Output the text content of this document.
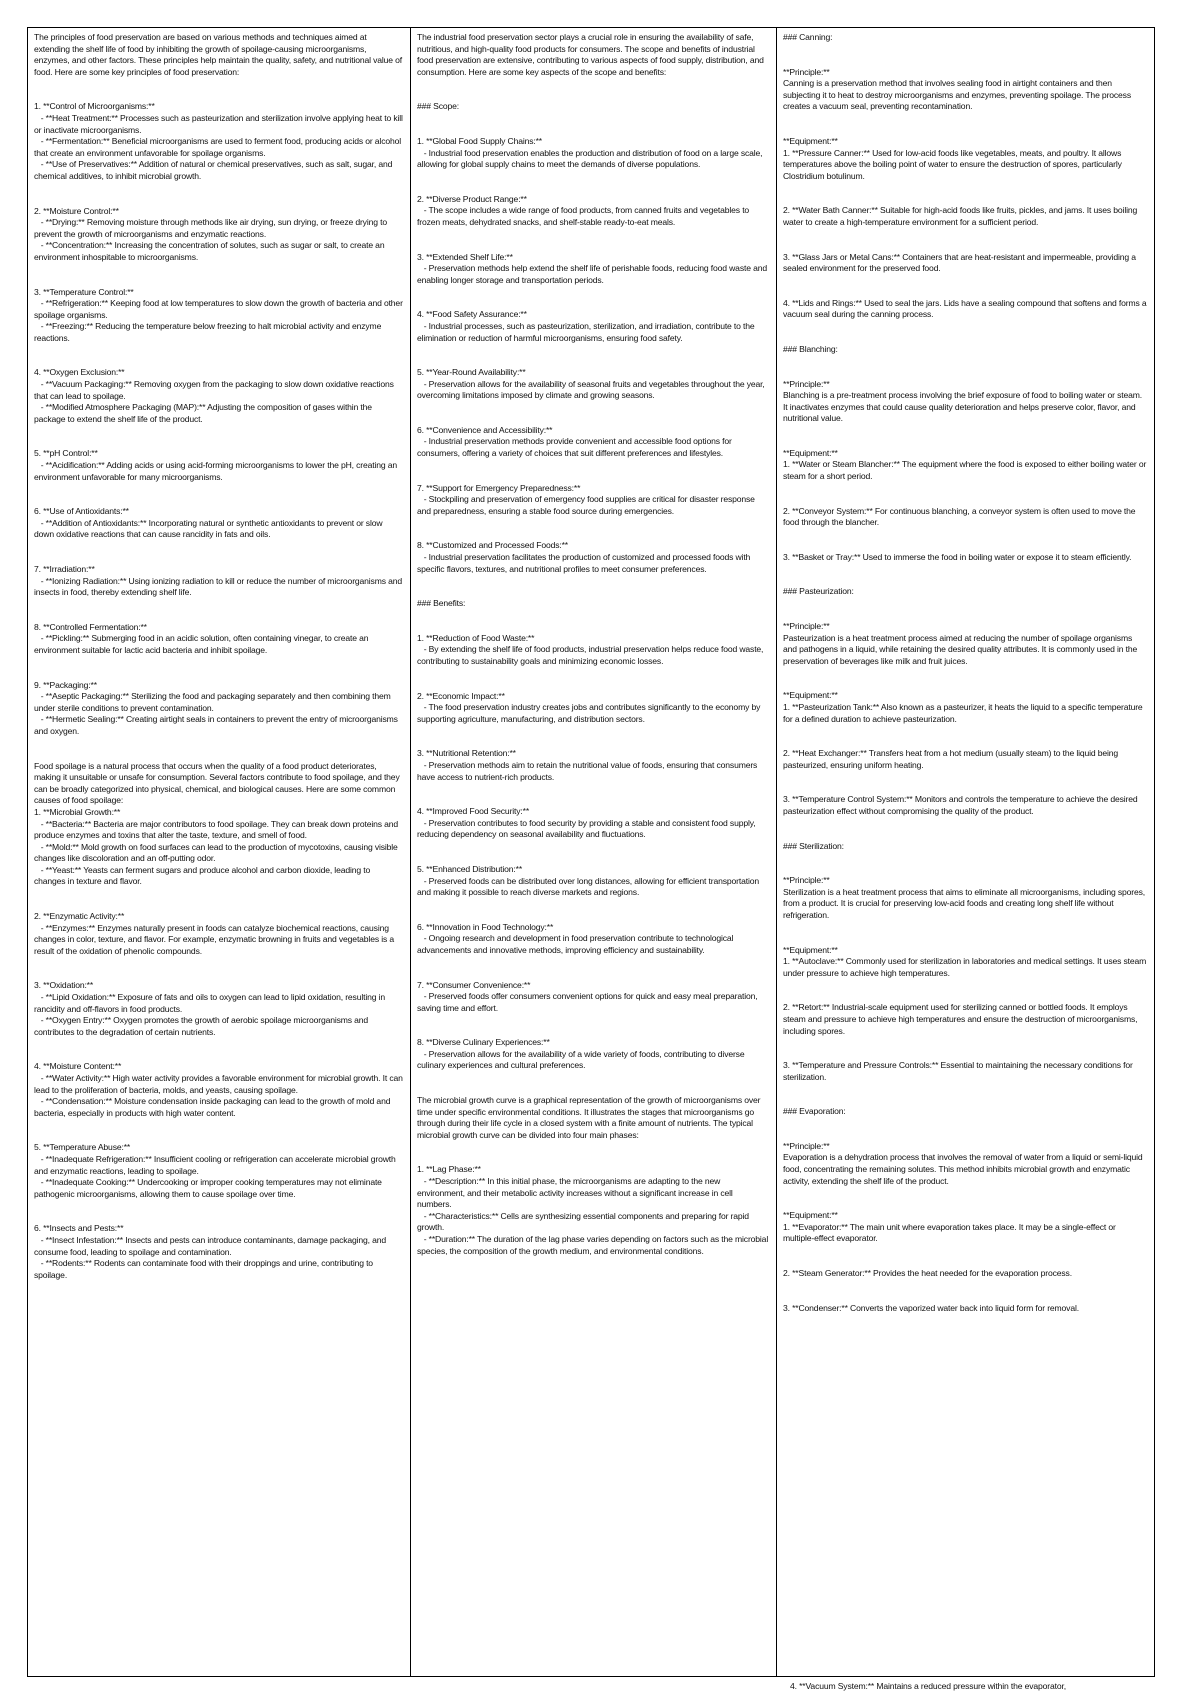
The principles of food preservation are based on various methods and techniques aimed at extending the shelf life of food by inhibiting the growth of spoilage-causing microorganisms, enzymes, and other factors. These principles help maintain the quality, safety, and nutritional value of food. Here are some key principles of food preservation:

1. **Control of Microorganisms:**
- **Heat Treatment:** Processes such as pasteurization and sterilization involve applying heat to kill or inactivate microorganisms.
- **Fermentation:** Beneficial microorganisms are used to ferment food, producing acids or alcohol that create an environment unfavorable for spoilage organisms.
- **Use of Preservatives:** Addition of natural or chemical preservatives, such as salt, sugar, and chemical additives, to inhibit microbial growth.

2. **Moisture Control:**
- **Drying:** Removing moisture through methods like air drying, sun drying, or freeze drying to prevent the growth of microorganisms and enzymatic reactions.
- **Concentration:** Increasing the concentration of solutes, such as sugar or salt, to create an environment inhospitable to microorganisms.

3. **Temperature Control:**
- **Refrigeration:** Keeping food at low temperatures to slow down the growth of bacteria and other spoilage organisms.
- **Freezing:** Reducing the temperature below freezing to halt microbial activity and enzyme reactions.

4. **Oxygen Exclusion:**
- **Vacuum Packaging:** Removing oxygen from the packaging to slow down oxidative reactions that can lead to spoilage.
- **Modified Atmosphere Packaging (MAP):** Adjusting the composition of gases within the package to extend the shelf life of the product.

5. **pH Control:**
- **Acidification:** Adding acids or using acid-forming microorganisms to lower the pH, creating an environment unfavorable for many microorganisms.

6. **Use of Antioxidants:**
- **Addition of Antioxidants:** Incorporating natural or synthetic antioxidants to prevent or slow down oxidative reactions that can cause rancidity in fats and oils.

7. **Irradiation:**
- **Ionizing Radiation:** Using ionizing radiation to kill or reduce the number of microorganisms and insects in food, thereby extending shelf life.

8. **Controlled Fermentation:**
- **Pickling:** Submerging food in an acidic solution, often containing vinegar, to create an environment suitable for lactic acid bacteria and inhibit spoilage.

9. **Packaging:**
- **Aseptic Packaging:** Sterilizing the food and packaging separately and then combining them under sterile conditions to prevent contamination.
- **Hermetic Sealing:** Creating airtight seals in containers to prevent the entry of microorganisms and oxygen.

Food spoilage is a natural process that occurs when the quality of a food product deteriorates, making it unsuitable or unsafe for consumption. Several factors contribute to food spoilage, and they can be broadly categorized into physical, chemical, and biological causes. Here are some common causes of food spoilage:
1. **Microbial Growth:**
- **Bacteria:** Bacteria are major contributors to food spoilage. They can break down proteins and produce enzymes and toxins that alter the taste, texture, and smell of food.
- **Mold:** Mold growth on food surfaces can lead to the production of mycotoxins, causing visible changes like discoloration and an off-putting odor.
- **Yeast:** Yeasts can ferment sugars and produce alcohol and carbon dioxide, leading to changes in texture and flavor.

2. **Enzymatic Activity:**
- **Enzymes:** Enzymes naturally present in foods can catalyze biochemical reactions, causing changes in color, texture, and flavor. For example, enzymatic browning in fruits and vegetables is a result of the oxidation of phenolic compounds.

3. **Oxidation:**
- **Lipid Oxidation:** Exposure of fats and oils to oxygen can lead to lipid oxidation, resulting in rancidity and off-flavors in food products.
- **Oxygen Entry:** Oxygen promotes the growth of aerobic spoilage microorganisms and contributes to the degradation of certain nutrients.

4. **Moisture Content:**
- **Water Activity:** High water activity provides a favorable environment for microbial growth. It can lead to the proliferation of bacteria, molds, and yeasts, causing spoilage.
- **Condensation:** Moisture condensation inside packaging can lead to the growth of mold and bacteria, especially in products with high water content.

5. **Temperature Abuse:**
- **Inadequate Refrigeration:** Insufficient cooling or refrigeration can accelerate microbial growth and enzymatic reactions, leading to spoilage.
- **Inadequate Cooking:** Undercooking or improper cooking temperatures may not eliminate pathogenic microorganisms, allowing them to cause spoilage over time.

6. **Insects and Pests:**
- **Insect Infestation:** Insects and pests can introduce contaminants, damage packaging, and consume food, leading to spoilage and contamination.
- **Rodents:** Rodents can contaminate food with their droppings and urine, contributing to spoilage.

The industrial food preservation sector plays a crucial role in ensuring the availability of safe, nutritious, and high-quality food products for consumers. The scope and benefits of industrial food preservation are extensive, contributing to various aspects of food supply, distribution, and consumption. Here are some key aspects of the scope and benefits:

### Scope:

1. **Global Food Supply Chains:**
- Industrial food preservation enables the production and distribution of food on a large scale, allowing for global supply chains to meet the demands of diverse populations.

2. **Diverse Product Range:**
- The scope includes a wide range of food products, from canned fruits and vegetables to frozen meats, dehydrated snacks, and shelf-stable ready-to-eat meals.

3. **Extended Shelf Life:**
- Preservation methods help extend the shelf life of perishable foods, reducing food waste and enabling longer storage and transportation periods.

4. **Food Safety Assurance:**
- Industrial processes, such as pasteurization, sterilization, and irradiation, contribute to the elimination or reduction of harmful microorganisms, ensuring food safety.

5. **Year-Round Availability:**
- Preservation allows for the availability of seasonal fruits and vegetables throughout the year, overcoming limitations imposed by climate and growing seasons.

6. **Convenience and Accessibility:**
- Industrial preservation methods provide convenient and accessible food options for consumers, offering a variety of choices that suit different preferences and lifestyles.

7. **Support for Emergency Preparedness:**
- Stockpiling and preservation of emergency food supplies are critical for disaster response and preparedness, ensuring a stable food source during emergencies.

8. **Customized and Processed Foods:**
- Industrial preservation facilitates the production of customized and processed foods with specific flavors, textures, and nutritional profiles to meet consumer preferences.

### Benefits:

1. **Reduction of Food Waste:**
- By extending the shelf life of food products, industrial preservation helps reduce food waste, contributing to sustainability goals and minimizing economic losses.

2. **Economic Impact:**
- The food preservation industry creates jobs and contributes significantly to the economy by supporting agriculture, manufacturing, and distribution sectors.

3. **Nutritional Retention:**
- Preservation methods aim to retain the nutritional value of foods, ensuring that consumers have access to nutrient-rich products.

4. **Improved Food Security:**
- Preservation contributes to food security by providing a stable and consistent food supply, reducing dependency on seasonal availability and fluctuations.

5. **Enhanced Distribution:**
- Preserved foods can be distributed over long distances, allowing for efficient transportation and making it possible to reach diverse markets and regions.

6. **Innovation in Food Technology:**
- Ongoing research and development in food preservation contribute to technological advancements and innovative methods, improving efficiency and sustainability.

7. **Consumer Convenience:**
- Preserved foods offer consumers convenient options for quick and easy meal preparation, saving time and effort.

8. **Diverse Culinary Experiences:**
- Preservation allows for the availability of a wide variety of foods, contributing to diverse culinary experiences and cultural preferences.

The microbial growth curve is a graphical representation of the growth of microorganisms over time under specific environmental conditions. It illustrates the stages that microorganisms go through during their life cycle in a closed system with a finite amount of nutrients. The typical microbial growth curve can be divided into four main phases:

1. **Lag Phase:**
- **Description:** In this initial phase, the microorganisms are adapting to the new environment, and their metabolic activity increases without a significant increase in cell numbers.
- **Characteristics:** Cells are synthesizing essential components and preparing for rapid growth.
- **Duration:** The duration of the lag phase varies depending on factors such as the microbial species, the composition of the growth medium, and environmental conditions.

### Canning:

**Principle:**
Canning is a preservation method that involves sealing food in airtight containers and then subjecting it to heat to destroy microorganisms and enzymes, preventing spoilage. The process creates a vacuum seal, preventing recontamination.

**Equipment:**
1. **Pressure Canner:** Used for low-acid foods like vegetables, meats, and poultry. It allows temperatures above the boiling point of water to ensure the destruction of spores, particularly Clostridium botulinum.

2. **Water Bath Canner:** Suitable for high-acid foods like fruits, pickles, and jams. It uses boiling water to create a high-temperature environment for a sufficient period.

3. **Glass Jars or Metal Cans:** Containers that are heat-resistant and impermeable, providing a sealed environment for the preserved food.

4. **Lids and Rings:** Used to seal the jars. Lids have a sealing compound that softens and forms a vacuum seal during the canning process.

### Blanching:

**Principle:**
Blanching is a pre-treatment process involving the brief exposure of food to boiling water or steam. It inactivates enzymes that could cause quality deterioration and helps preserve color, flavor, and nutritional value.

**Equipment:**
1. **Water or Steam Blancher:** The equipment where the food is exposed to either boiling water or steam for a short period.

2. **Conveyor System:** For continuous blanching, a conveyor system is often used to move the food through the blancher.

3. **Basket or Tray:** Used to immerse the food in boiling water or expose it to steam efficiently.

### Pasteurization:

**Principle:**
Pasteurization is a heat treatment process aimed at reducing the number of spoilage organisms and pathogens in a liquid, while retaining the desired quality attributes. It is commonly used in the preservation of beverages like milk and fruit juices.

**Equipment:**
1. **Pasteurization Tank:** Also known as a pasteurizer, it heats the liquid to a specific temperature for a defined duration to achieve pasteurization.

2. **Heat Exchanger:** Transfers heat from a hot medium (usually steam) to the liquid being pasteurized, ensuring uniform heating.

3. **Temperature Control System:** Monitors and controls the temperature to achieve the desired pasteurization effect without compromising the quality of the product.

### Sterilization:

**Principle:**
Sterilization is a heat treatment process that aims to eliminate all microorganisms, including spores, from a product. It is crucial for preserving low-acid foods and creating long shelf life without refrigeration.

**Equipment:**
1. **Autoclave:** Commonly used for sterilization in laboratories and medical settings. It uses steam under pressure to achieve high temperatures.

2. **Retort:** Industrial-scale equipment used for sterilizing canned or bottled foods. It employs steam and pressure to achieve high temperatures and ensure the destruction of microorganisms, including spores.

3. **Temperature and Pressure Controls:** Essential to maintaining the necessary conditions for sterilization.

### Evaporation:

**Principle:**
Evaporation is a dehydration process that involves the removal of water from a liquid or semi-liquid food, concentrating the remaining solutes. This method inhibits microbial growth and enzymatic activity, extending the shelf life of the product.

**Equipment:**
1. **Evaporator:** The main unit where evaporation takes place. It may be a single-effect or multiple-effect evaporator.

2. **Steam Generator:** Provides the heat needed for the evaporation process.

3. **Condenser:** Converts the vaporized water back into liquid form for removal.

4. **Vacuum System:** Maintains a reduced pressure within the evaporator,
